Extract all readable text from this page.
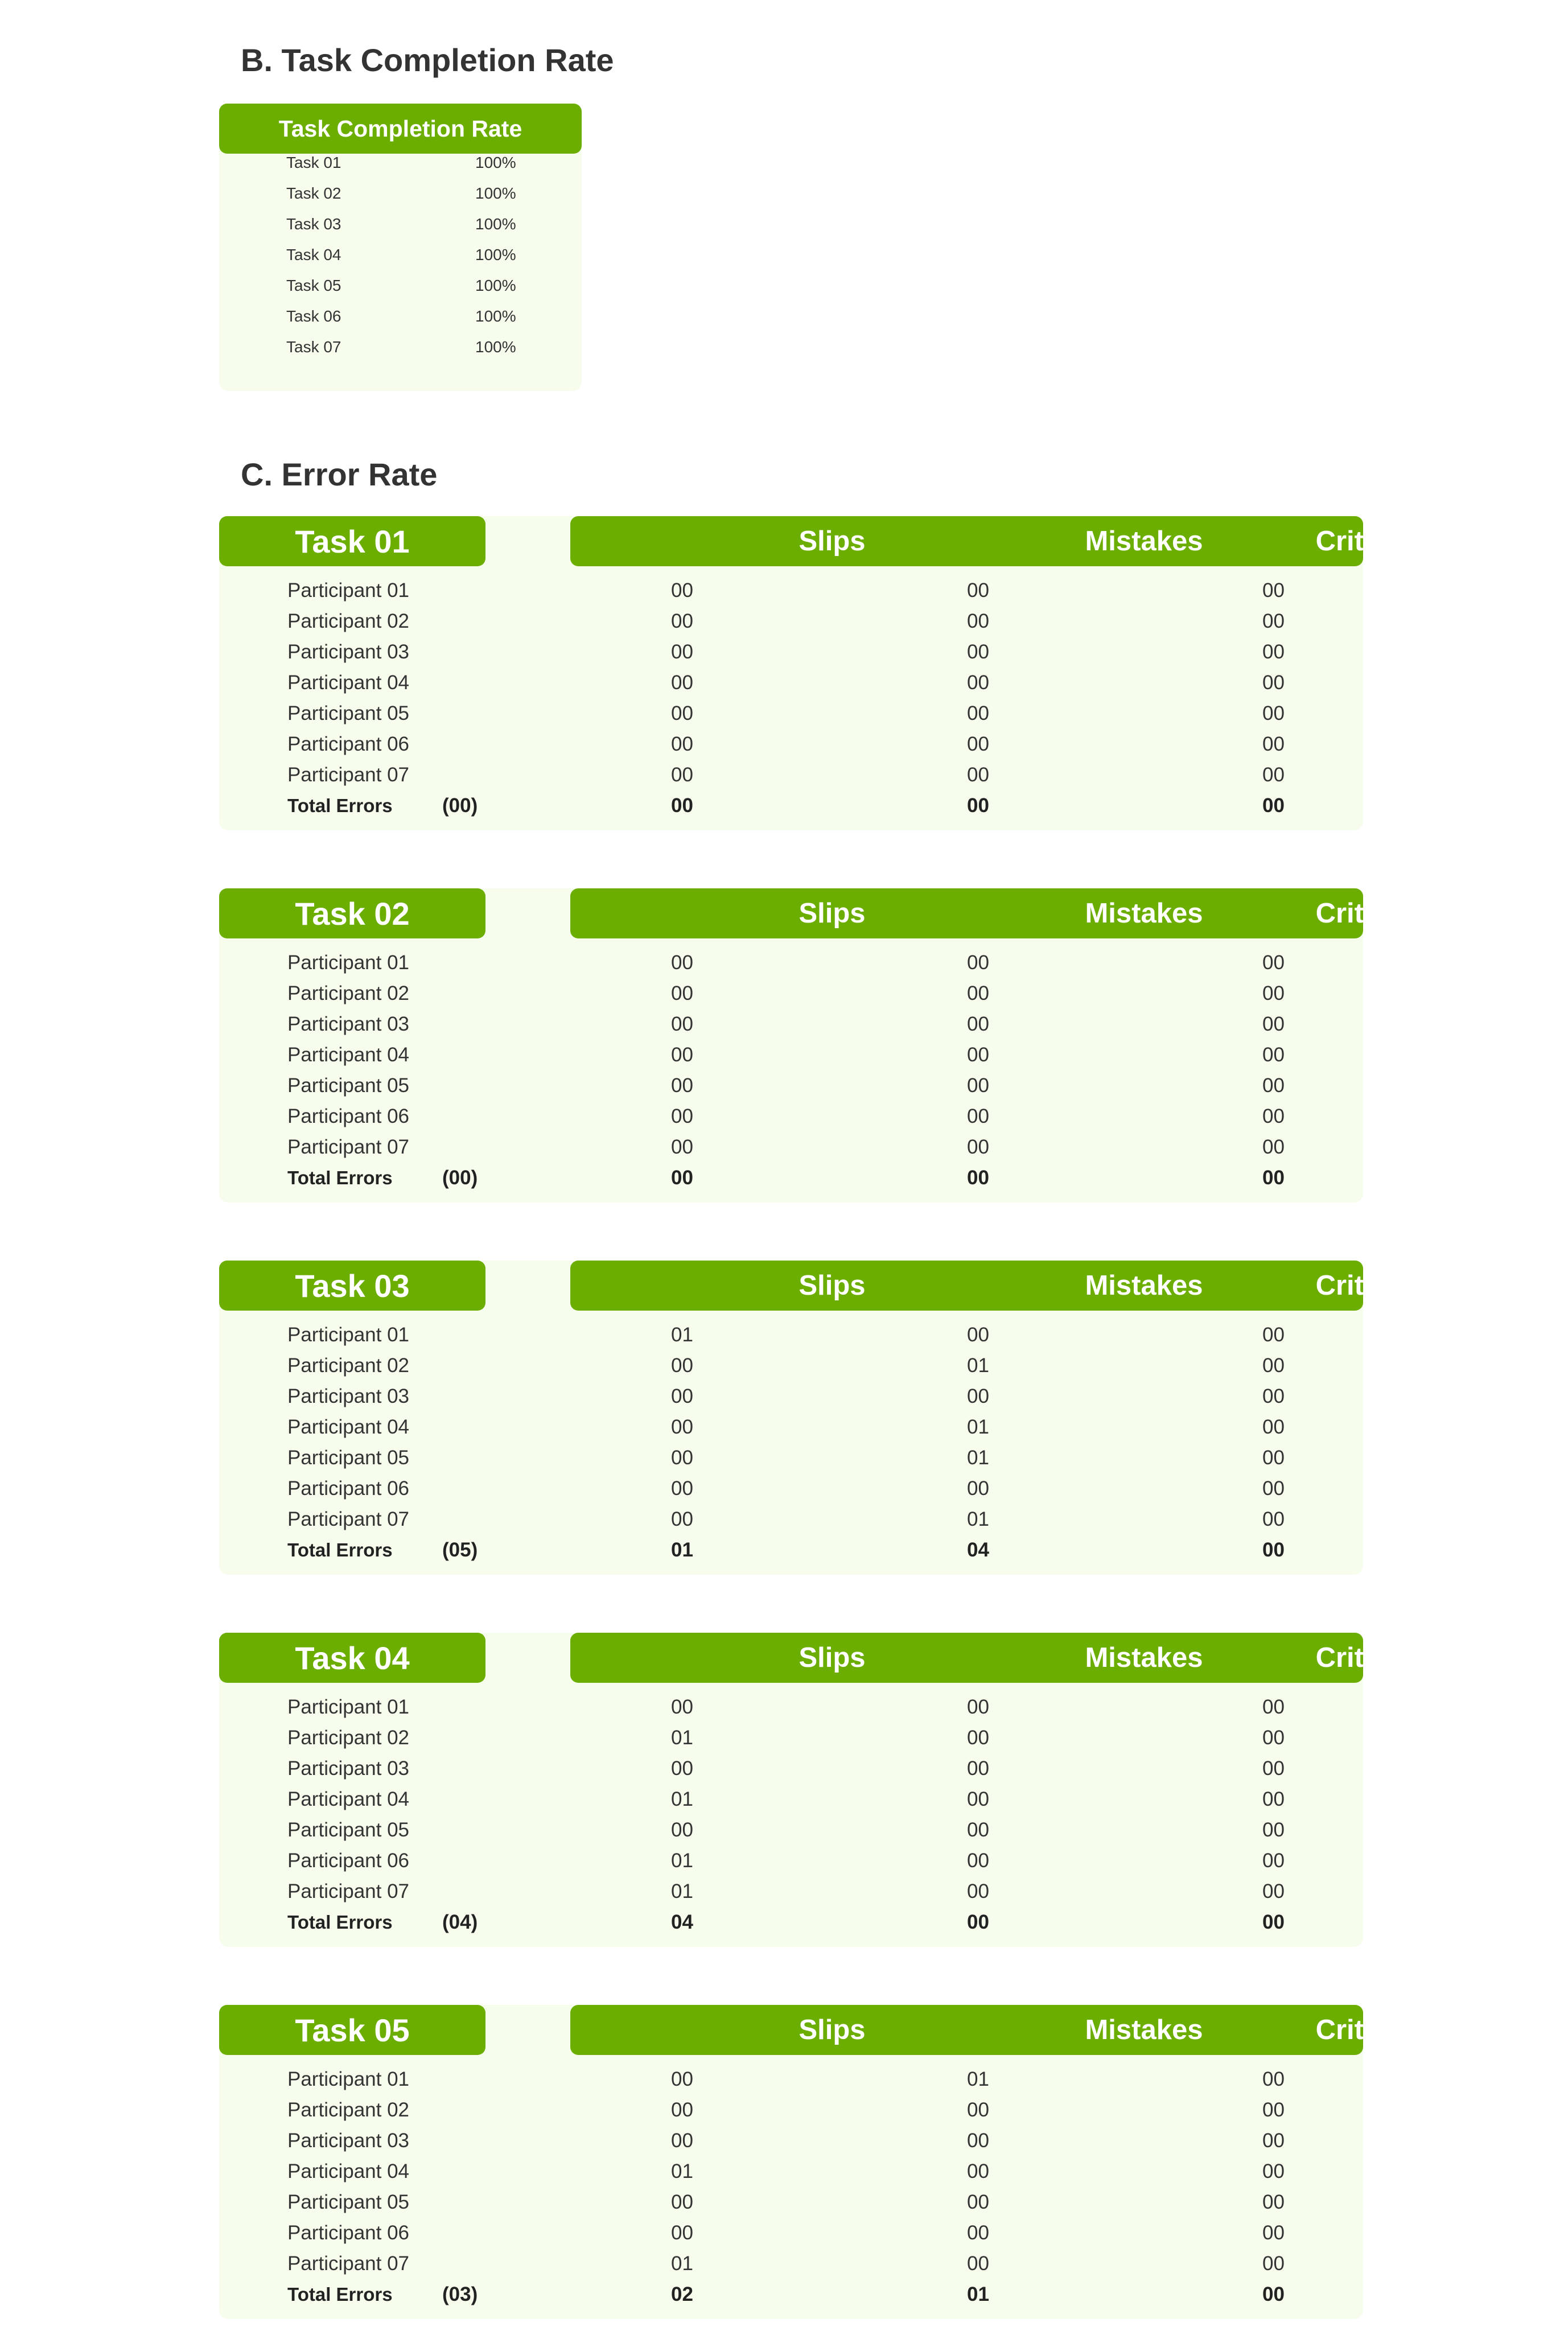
B. Task Completion Rate
Task Completion Rate
Task 01	100%
Task 02	100%
Task 03	100%
Task 04	100%
Task 05	100%
Task 06	100%
Task 07	100%
C. Error Rate
Task 01	Slips	Mistakes	Critical Errors
Participant 01	00	00	00
Participant 02	00	00	00
Participant 03	00	00	00
Participant 04	00	00	00
Participant 05	00	00	00
Participant 06	00	00	00
Participant 07	00	00	00
Total Errors (00)	00	00	00
Task 02	Slips	Mistakes	Critical Errors
Participant 01	00	00	00
Participant 02	00	00	00
Participant 03	00	00	00
Participant 04	00	00	00
Participant 05	00	00	00
Participant 06	00	00	00
Participant 07	00	00	00
Total Errors (00)	00	00	00
Task 03	Slips	Mistakes	Critical Errors
Participant 01	01	00	00
Participant 02	00	01	00
Participant 03	00	00	00
Participant 04	00	01	00
Participant 05	00	01	00
Participant 06	00	00	00
Participant 07	00	01	00
Total Errors (05)	01	04	00
Task 04	Slips	Mistakes	Critical Errors
Participant 01	00	00	00
Participant 02	01	00	00
Participant 03	00	00	00
Participant 04	01	00	00
Participant 05	00	00	00
Participant 06	01	00	00
Participant 07	01	00	00
Total Errors (04)	04	00	00
Task 05	Slips	Mistakes	Critical Errors
Participant 01	00	01	00
Participant 02	00	00	00
Participant 03	00	00	00
Participant 04	01	00	00
Participant 05	00	00	00
Participant 06	00	00	00
Participant 07	01	00	00
Total Errors (03)	02	01	00
